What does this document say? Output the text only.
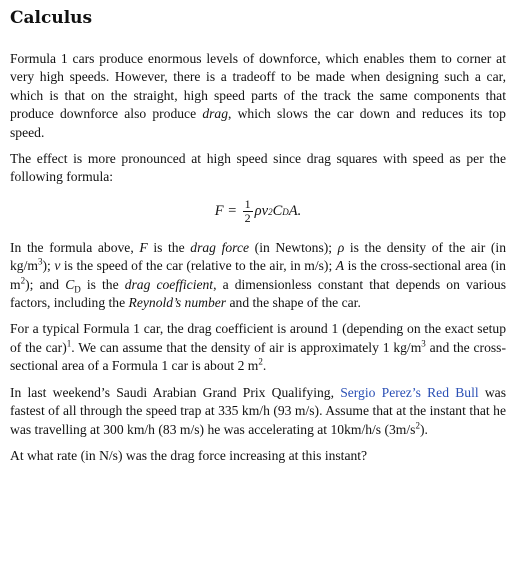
Calculus

Formula 1 cars produce enormous levels of downforce, which enables them to corner at very high speeds. However, there is a tradeoff to be made when designing such a car, which is that on the straight, high speed parts of the track the same components that produce downforce also produce drag, which slows the car down and reduces its top speed.

The effect is more pronounced at high speed since drag squares with speed as per the following formula:

F =
$\frac{1}{2}$ ρv 2 C D A.

In the formula above, F is the drag force (in Newtons); ρ is the density of the air (in $kg/m^3$); v is the speed of the car (relative to the air, in m/s); A is the cross-sectional area (in $m^2$); and $C_D$ is the drag coefficient, a dimensionless constant that depends on various factors, including the Reynold’s number and the shape of the car.

For a typical Formula 1 car, the drag coefficient is around 1 (depending on the exact setup of the car)$^1$. We can assume that the density of air is approximately 1 $kg/m^3$ and the cross-sectional area of a Formula 1 car is about 2 $m^2$.

In last weekend’s Saudi Arabian Grand Prix Qualifying, Sergio Perez’s Red Bull was fastest of all through the speed trap at 335 km/h (93 m/s). Assume that at the instant that he was travelling at 300 km/h (83 m/s) he was accelerating at 10km/h/s $(3m/s^2)$.

At what rate (in N/s) was the drag force increasing at this instant?
